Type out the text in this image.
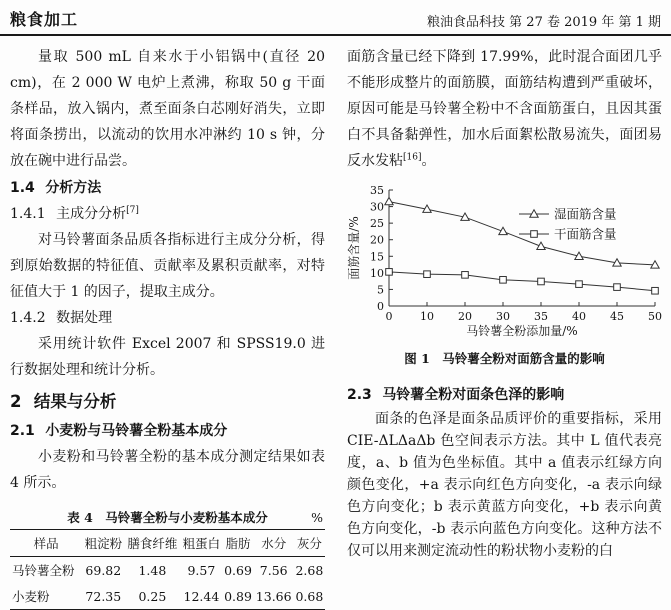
粮食加工	粮油食品科技 第 27 卷 2019 年 第 1 期

量取 500 mL 自来水于小铝锅中(直径 20 cm)，在 2 000 W 电炉上煮沸，称取 50 g 干面条样品，放入锅内，煮至面条白芯刚好消失，立即将面条捞出，以流动的饮用水冲淋约 10 s 钟，分放在碗中进行品尝。

1.4 分析方法
1.4.1 主成分分析[7]

对马铃薯面条品质各指标进行主成分分析，得到原始数据的特征值、贡献率及累积贡献率，对特征值大于 1 的因子，提取主成分。

1.4.2 数据处理

采用统计软件 Excel 2007 和 SPSS19.0 进行数据处理和统计分析。

2 结果与分析
2.1 小麦粉与马铃薯全粉基本成分

小麦粉和马铃薯全粉的基本成分测定结果如表 4 所示。

表 4　马铃薯全粉与小麦粉基本成分	%
样品	粗淀粉	膳食纤维	粗蛋白	脂肪	水分	灰分
马铃薯全粉	69.82	1.48	9.57	0.69	7.56	2.68
小麦粉	72.35	0.25	12.44	0.89	13.66	0.68

面筋含量已经下降到 17.99%，此时混合面团几乎不能形成整片的面筋膜，面筋结构遭到严重破坏，原因可能是马铃薯全粉中不含面筋蛋白，且因其蛋白不具备黏弹性，加水后面絮松散易流失，面团易反水发粘[16]。

0
5
10
15
20
25
30
35
0	10 20 30 35 40 45 50
马铃薯全粉添加量/%
面筋含量/%
湿面筋含量
干面筋含量
图 1　马铃薯全粉对面筋含量的影响
2.3 马铃薯全粉对面条色泽的影响

面条的色泽是面条品质评价的重要指标，采用 CIE-ΔLΔaΔb 色空间表示方法。其中 L 值代表亮度，a、b 值为色坐标值。其中 a 值表示红绿方向颜色变化，+a 表示向红色方向变化，-a 表示向绿色方向变化；b 表示黄蓝方向变化，+b 表示向黄色方向变化，-b 表示向蓝色方向变化。这种方法不仅可以用来测定流动性的粉状物小麦粉的白
